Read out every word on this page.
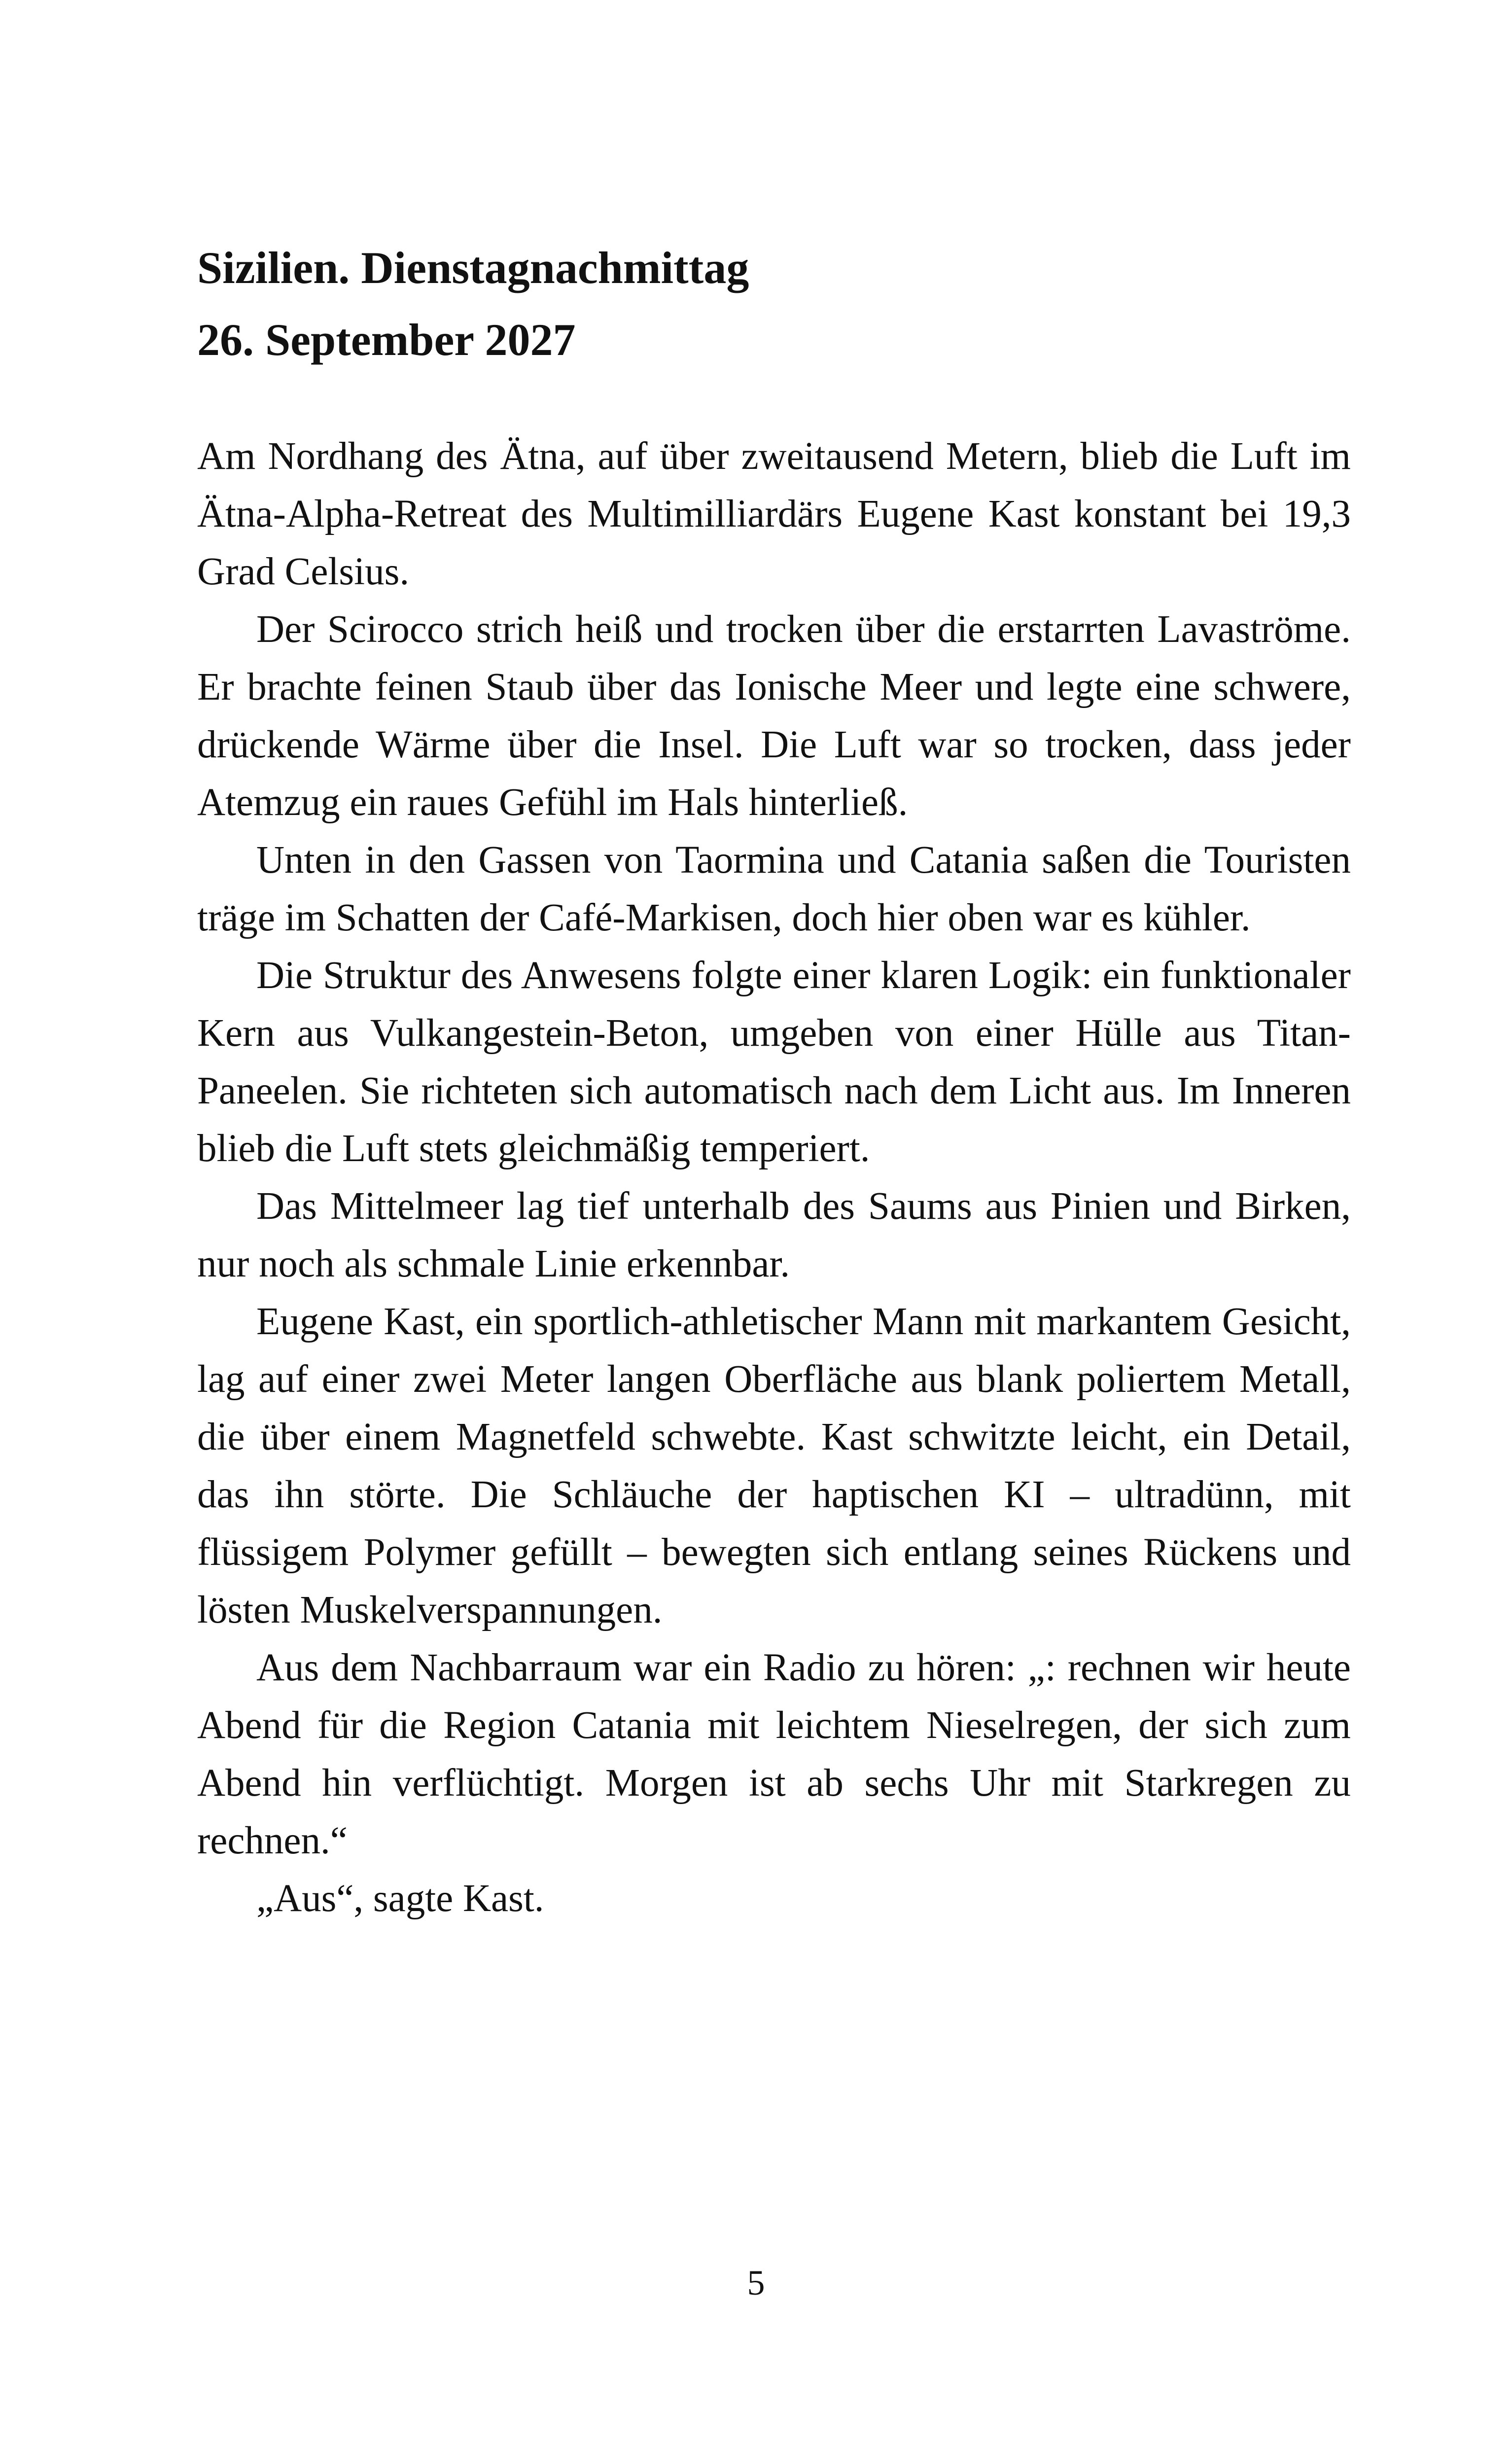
Sizilien. Dienstagnachmittag
26. September 2027

Am Nordhang des Ätna, auf über zweitausend Metern, blieb die Luft im Ätna-Alpha-Retreat des Multimilliardärs Eugene Kast konstant bei 19,3 Grad Celsius.

Der Scirocco strich heiß und trocken über die erstarrten Lavaströme. Er brachte feinen Staub über das Ionische Meer und legte eine schwere, drückende Wärme über die Insel. Die Luft war so trocken, dass jeder Atemzug ein raues Gefühl im Hals hinterließ.

Unten in den Gassen von Taormina und Catania saßen die Touristen träge im Schatten der Café-Markisen, doch hier oben war es kühler.

Die Struktur des Anwesens folgte einer klaren Logik: ein funktionaler Kern aus Vulkangestein-Beton, umgeben von einer Hülle aus Titan-Paneelen. Sie richteten sich automatisch nach dem Licht aus. Im Inneren blieb die Luft stets gleichmäßig temperiert.

Das Mittelmeer lag tief unterhalb des Saums aus Pinien und Birken, nur noch als schmale Linie erkennbar.

Eugene Kast, ein sportlich-athletischer Mann mit markantem Gesicht, lag auf einer zwei Meter langen Oberfläche aus blank poliertem Metall, die über einem Magnetfeld schwebte. Kast schwitzte leicht, ein Detail, das ihn störte. Die Schläuche der haptischen KI – ultradünn, mit flüssigem Polymer gefüllt – bewegten sich entlang seines Rückens und lösten Muskelverspannungen.

Aus dem Nachbarraum war ein Radio zu hören: „: rechnen wir heute Abend für die Region Catania mit leichtem Nieselregen, der sich zum Abend hin verflüchtigt. Morgen ist ab sechs Uhr mit Starkregen zu rechnen.“

„Aus“, sagte Kast.

5
